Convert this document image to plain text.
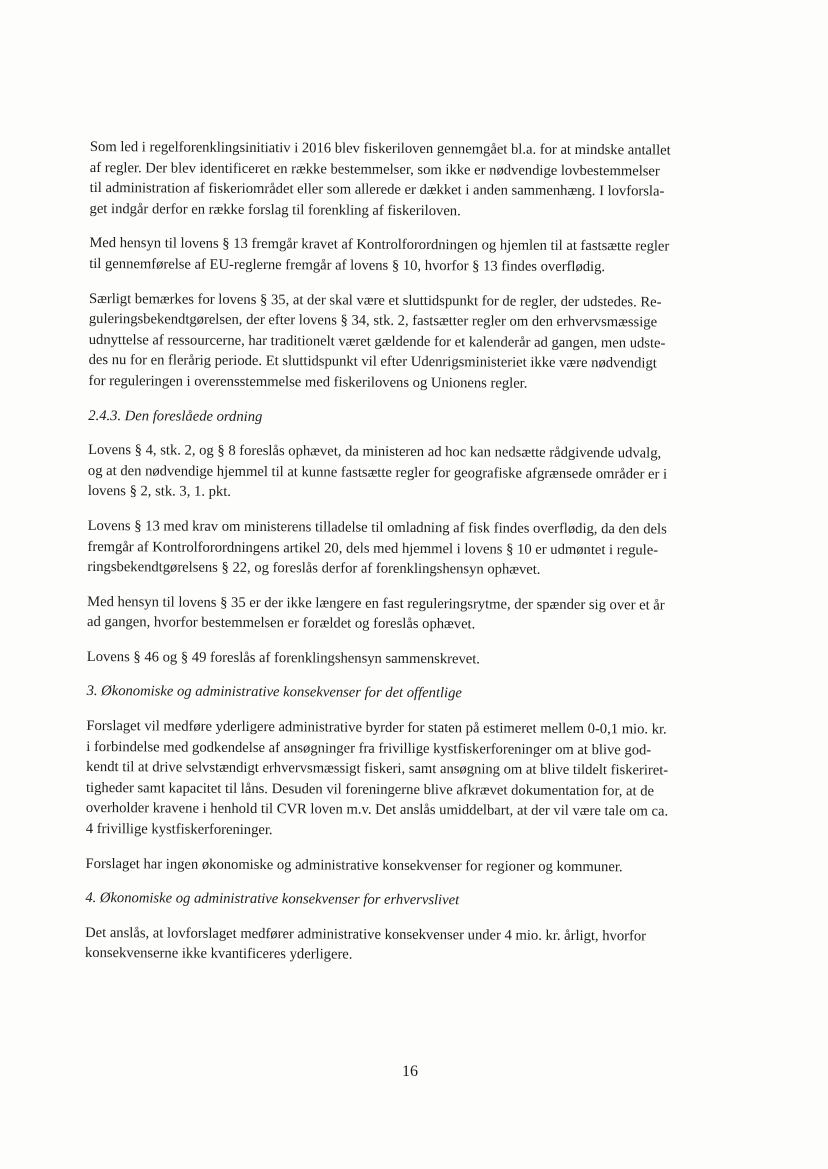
Som led i regelforenklingsinitiativ i 2016 blev fiskeriloven gennemgået bl.a. for at mindske antallet
af regler. Der blev identificeret en række bestemmelser, som ikke er nødvendige lovbestemmelser
til administration af fiskeriområdet eller som allerede er dækket i anden sammenhæng. I lovforsla-
get indgår derfor en række forslag til forenkling af fiskeriloven.

Med hensyn til lovens § 13 fremgår kravet af Kontrolforordningen og hjemlen til at fastsætte regler
til gennemførelse af EU-reglerne fremgår af lovens § 10, hvorfor § 13 findes overflødig.

Særligt bemærkes for lovens § 35, at der skal være et sluttidspunkt for de regler, der udstedes. Re-
guleringsbekendtgørelsen, der efter lovens § 34, stk. 2, fastsætter regler om den erhvervsmæssige
udnyttelse af ressourcerne, har traditionelt været gældende for et kalenderår ad gangen, men udste-
des nu for en flerårig periode. Et sluttidspunkt vil efter Udenrigsministeriet ikke være nødvendigt
for reguleringen i overensstemmelse med fiskerilovens og Unionens regler.

2.4.3. Den foreslåede ordning

Lovens § 4, stk. 2, og § 8 foreslås ophævet, da ministeren ad hoc kan nedsætte rådgivende udvalg,
og at den nødvendige hjemmel til at kunne fastsætte regler for geografiske afgrænsede områder er i
lovens § 2, stk. 3, 1. pkt.

Lovens § 13 med krav om ministerens tilladelse til omladning af fisk findes overflødig, da den dels
fremgår af Kontrolforordningens artikel 20, dels med hjemmel i lovens § 10 er udmøntet i regule-
ringsbekendtgørelsens § 22, og foreslås derfor af forenklingshensyn ophævet.

Med hensyn til lovens § 35 er der ikke længere en fast reguleringsrytme, der spænder sig over et år
ad gangen, hvorfor bestemmelsen er forældet og foreslås ophævet.

Lovens § 46 og § 49 foreslås af forenklingshensyn sammenskrevet.

3. Økonomiske og administrative konsekvenser for det offentlige

Forslaget vil medføre yderligere administrative byrder for staten på estimeret mellem 0-0,1 mio. kr.
i forbindelse med godkendelse af ansøgninger fra frivillige kystfiskerforeninger om at blive god-
kendt til at drive selvstændigt erhvervsmæssigt fiskeri, samt ansøgning om at blive tildelt fiskeriret-
tigheder samt kapacitet til låns. Desuden vil foreningerne blive afkrævet dokumentation for, at de
overholder kravene i henhold til CVR loven m.v. Det anslås umiddelbart, at der vil være tale om ca.
4 frivillige kystfiskerforeninger.

Forslaget har ingen økonomiske og administrative konsekvenser for regioner og kommuner.

4. Økonomiske og administrative konsekvenser for erhvervslivet

Det anslås, at lovforslaget medfører administrative konsekvenser under 4 mio. kr. årligt, hvorfor
konsekvenserne ikke kvantificeres yderligere.

16
